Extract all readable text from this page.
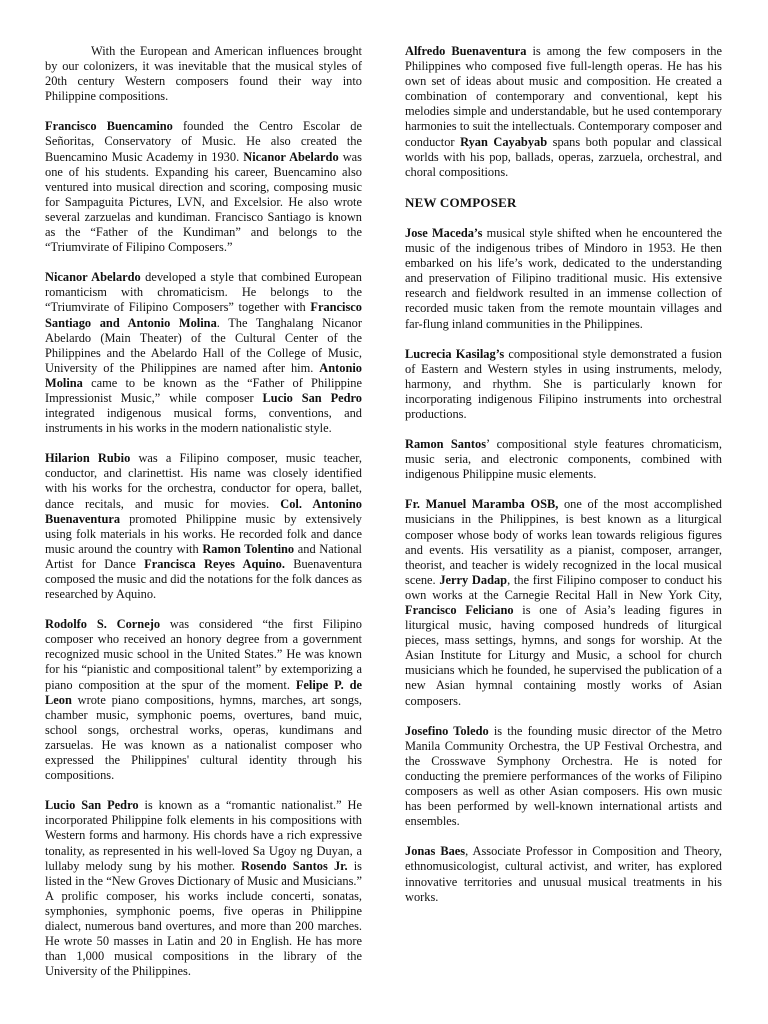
With the European and American influences brought by our colonizers, it was inevitable that the musical styles of 20th century Western composers found their way into Philippine compositions.

Francisco Buencamino founded the Centro Escolar de Señoritas, Conservatory of Music. He also created the Buencamino Music Academy in 1930. Nicanor Abelardo was one of his students. Expanding his career, Buencamino also ventured into musical direction and scoring, composing music for Sampaguita Pictures, LVN, and Excelsior. He also wrote several zarzuelas and kundiman. Francisco Santiago is known as the “Father of the Kundiman” and belongs to the “Triumvirate of Filipino Composers.”

Nicanor Abelardo developed a style that combined European romanticism with chromaticism. He belongs to the “Triumvirate of Filipino Composers” together with Francisco Santiago and Antonio Molina. The Tanghalang Nicanor Abelardo (Main Theater) of the Cultural Center of the Philippines and the Abelardo Hall of the College of Music, University of the Philippines are named after him. Antonio Molina came to be known as the “Father of Philippine Impressionist Music,” while composer Lucio San Pedro integrated indigenous musical forms, conventions, and instruments in his works in the modern nationalistic style.

Hilarion Rubio was a Filipino composer, music teacher, conductor, and clarinettist. His name was closely identified with his works for the orchestra, conductor for opera, ballet, dance recitals, and music for movies. Col. Antonino Buenaventura promoted Philippine music by extensively using folk materials in his works. He recorded folk and dance music around the country with Ramon Tolentino and National Artist for Dance Francisca Reyes Aquino. Buenaventura composed the music and did the notations for the folk dances as researched by Aquino.

Rodolfo S. Cornejo was considered “the first Filipino composer who received an honory degree from a government recognized music school in the United States.” He was known for his “pianistic and compositional talent” by extemporizing a piano composition at the spur of the moment. Felipe P. de Leon wrote piano compositions, hymns, marches, art songs, chamber music, symphonic poems, overtures, band muic, school songs, orchestral works, operas, kundimans and zarsuelas. He was known as a nationalist composer who expressed the Philippines' cultural identity through his compositions.

Lucio San Pedro is known as a “romantic nationalist.” He incorporated Philippine folk elements in his compositions with Western forms and harmony. His chords have a rich expressive tonality, as represented in his well-loved Sa Ugoy ng Duyan, a lullaby melody sung by his mother. Rosendo Santos Jr. is listed in the “New Groves Dictionary of Music and Musicians.” A prolific composer, his works include concerti, sonatas, symphonies, symphonic poems, five operas in Philippine dialect, numerous band overtures, and more than 200 marches. He wrote 50 masses in Latin and 20 in English. He has more than 1,000 musical compositions in the library of the University of the Philippines.

Alfredo Buenaventura is among the few composers in the Philippines who composed five full-length operas. He has his own set of ideas about music and composition. He created a combination of contemporary and conventional, kept his melodies simple and understandable, but he used contemporary harmonies to suit the intellectuals. Contemporary composer and conductor Ryan Cayabyab spans both popular and classical worlds with his pop, ballads, operas, zarzuela, orchestral, and choral compositions.

NEW COMPOSER

Jose Maceda’s musical style shifted when he encountered the music of the indigenous tribes of Mindoro in 1953. He then embarked on his life’s work, dedicated to the understanding and preservation of Filipino traditional music. His extensive research and fieldwork resulted in an immense collection of recorded music taken from the remote mountain villages and far-flung inland communities in the Philippines.

Lucrecia Kasilag’s compositional style demonstrated a fusion of Eastern and Western styles in using instruments, melody, harmony, and rhythm. She is particularly known for incorporating indigenous Filipino instruments into orchestral productions.

Ramon Santos’ compositional style features chromaticism, music seria, and electronic components, combined with indigenous Philippine music elements.

Fr. Manuel Maramba OSB, one of the most accomplished musicians in the Philippines, is best known as a liturgical composer whose body of works lean towards religious figures and events. His versatility as a pianist, composer, arranger, theorist, and teacher is widely recognized in the local musical scene. Jerry Dadap, the first Filipino composer to conduct his own works at the Carnegie Recital Hall in New York City, Francisco Feliciano is one of Asia’s leading figures in liturgical music, having composed hundreds of liturgical pieces, mass settings, hymns, and songs for worship. At the Asian Institute for Liturgy and Music, a school for church musicians which he founded, he supervised the publication of a new Asian hymnal containing mostly works of Asian composers.

Josefino Toledo is the founding music director of the Metro Manila Community Orchestra, the UP Festival Orchestra, and the Crosswave Symphony Orchestra. He is noted for conducting the premiere performances of the works of Filipino composers as well as other Asian composers. His own music has been performed by well-known international artists and ensembles.

Jonas Baes, Associate Professor in Composition and Theory, ethnomusicologist, cultural activist, and writer, has explored innovative territories and unusual musical treatments in his works.
